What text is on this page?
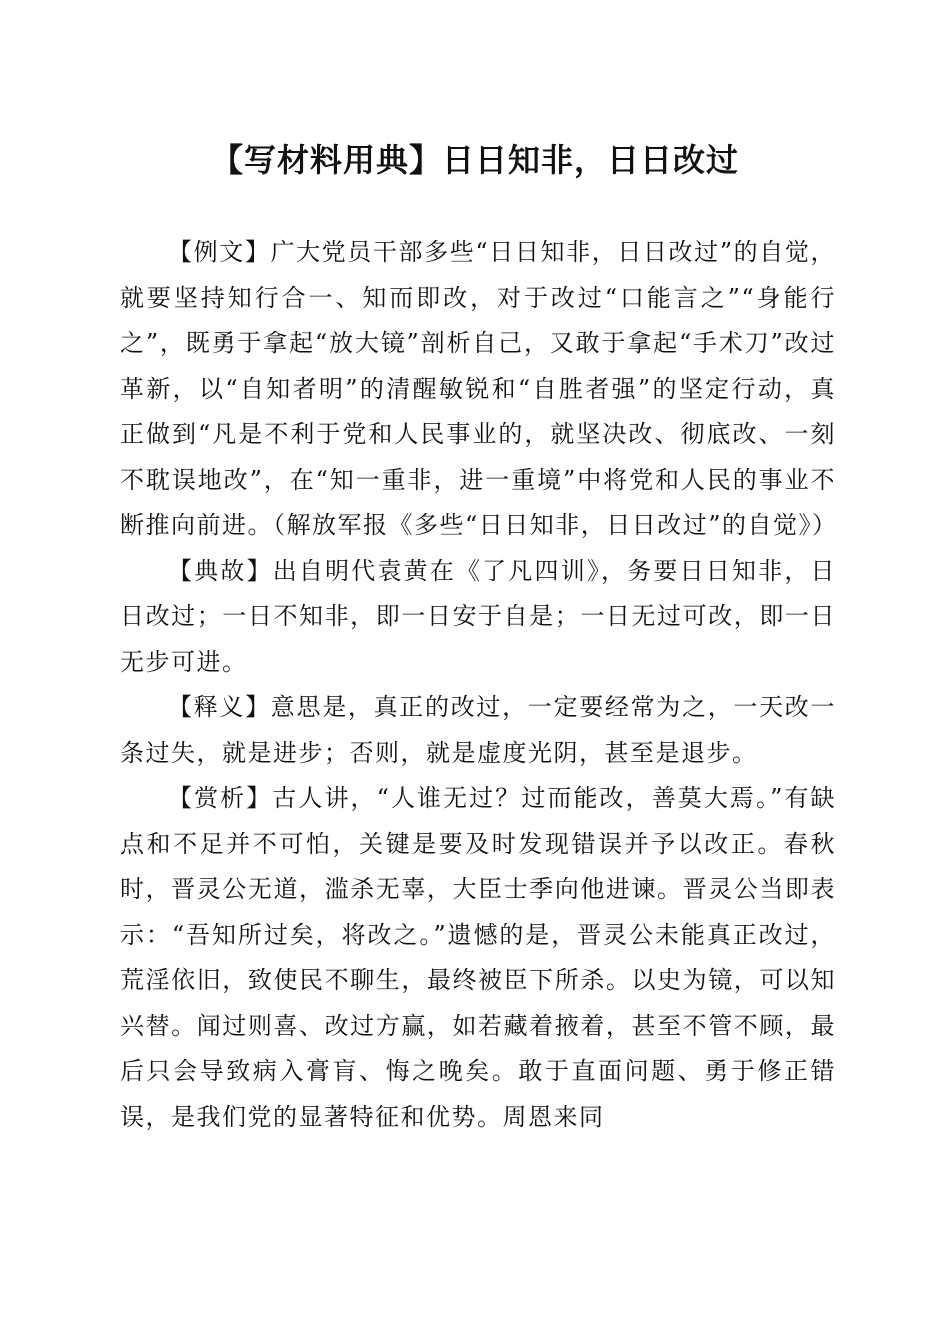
【写材料用典】日日知非，日日改过

【例文】广大党员干部多些“日日知非，日日改过”的自觉，就要坚持知行合一、知而即改，对于改过“口能言之”“身能行之”，既勇于拿起“放大镜”剖析自己，又敢于拿起“手术刀”改过革新，以“自知者明”的清醒敏锐和“自胜者强”的坚定行动，真正做到“凡是不利于党和人民事业的，就坚决改、彻底改、一刻不耽误地改”，在“知一重非，进一重境”中将党和人民的事业不断推向前进。（解放军报《多些“日日知非，日日改过”的自觉》）

【典故】出自明代袁黄在《了凡四训》，务要日日知非，日日改过；一日不知非，即一日安于自是；一日无过可改，即一日无步可进。

【释义】意思是，真正的改过，一定要经常为之，一天改一条过失，就是进步；否则，就是虚度光阴，甚至是退步。

【赏析】古人讲，“人谁无过？过而能改，善莫大焉。”有缺点和不足并不可怕，关键是要及时发现错误并予以改正。春秋时，晋灵公无道，滥杀无辜，大臣士季向他进谏。晋灵公当即表示：“吾知所过矣，将改之。”遗憾的是，晋灵公未能真正改过，荒淫依旧，致使民不聊生，最终被臣下所杀。以史为镜，可以知兴替。闻过则喜、改过方赢，如若藏着掖着，甚至不管不顾，最后只会导致病入膏肓、悔之晚矣。敢于直面问题、勇于修正错误，是我们党的显著特征和优势。周恩来同
